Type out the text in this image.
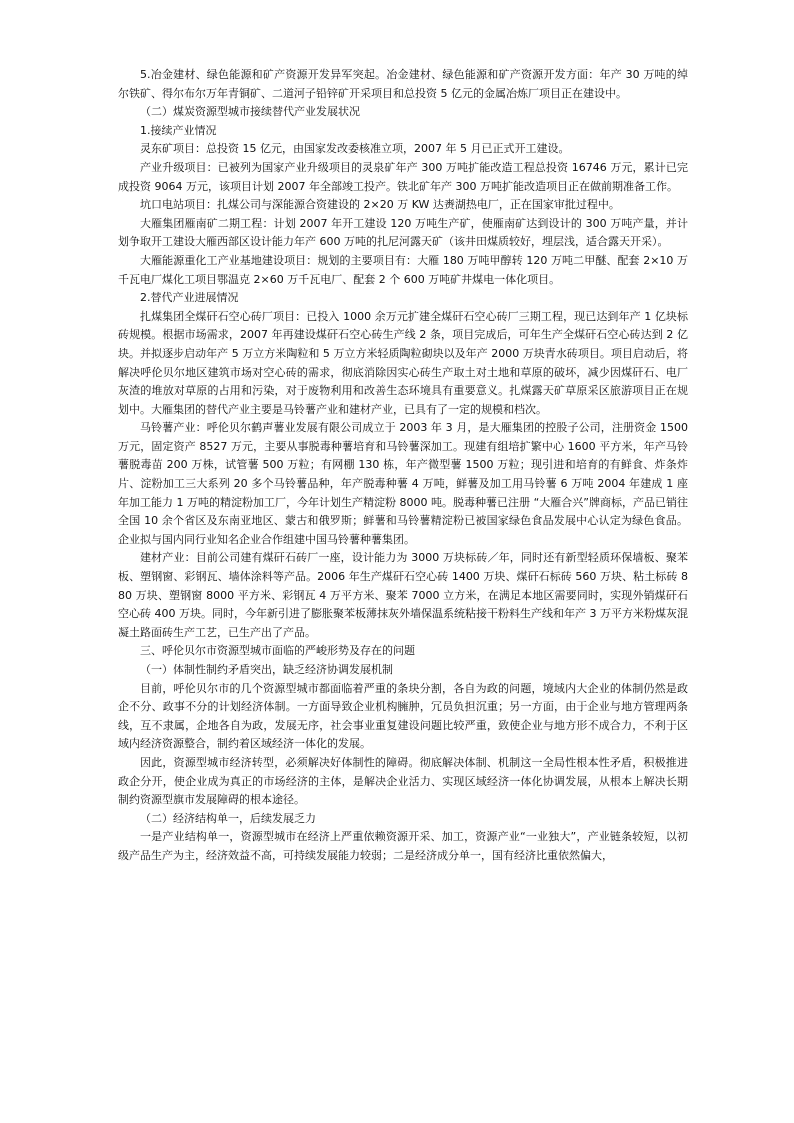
5.冶金建材、绿色能源和矿产资源开发异军突起。冶金建材、绿色能源和矿产资源开发方面：年产 30 万吨的绰尔铁矿、得尔布尔万年青铜矿、二道河子铅锌矿开采项目和总投资 5 亿元的金属冶炼厂项目正在建设中。

（二）煤炭资源型城市接续替代产业发展状况

1.接续产业情况

灵东矿项目：总投资 15 亿元，由国家发改委核准立项，2007 年 5 月已正式开工建设。

产业升级项目：已被列为国家产业升级项目的灵泉矿年产 300 万吨扩能改造工程总投资 16746 万元，累计已完成投资 9064 万元，该项目计划 2007 年全部竣工投产。铁北矿年产 300 万吨扩能改造项目正在做前期准备工作。

坑口电站项目：扎煤公司与深能源合资建设的 2×20 万 KW 达赉湖热电厂，正在国家审批过程中。

大雁集团雁南矿二期工程：计划 2007 年开工建设 120 万吨生产矿，使雁南矿达到设计的 300 万吨产量，并计划争取开工建设大雁西部区设计能力年产 600 万吨的扎尼河露天矿（该井田煤质较好，埋层浅，适合露天开采）。

大雁能源重化工产业基地建设项目：规划的主要项目有：大雁 180 万吨甲醇转 120 万吨二甲醚、配套 2×10 万千瓦电厂煤化工项目鄂温克 2×60 万千瓦电厂、配套 2 个 600 万吨矿井煤电一体化项目。

2.替代产业进展情况

扎煤集团全煤矸石空心砖厂项目：已投入 1000 余万元扩建全煤矸石空心砖厂三期工程，现已达到年产 1 亿块标砖规模。根据市场需求，2007 年再建设煤矸石空心砖生产线 2 条，项目完成后，可年生产全煤矸石空心砖达到 2 亿块。并拟逐步启动年产 5 万立方米陶粒和 5 万立方米轻质陶粒砌块以及年产 2000 万块青水砖项目。项目启动后，将解决呼伦贝尔地区建筑市场对空心砖的需求，彻底消除因实心砖生产取土对土地和草原的破坏，减少因煤矸石、电厂灰渣的堆放对草原的占用和污染，对于废物利用和改善生态环境具有重要意义。扎煤露天矿草原采区旅游项目正在规划中。大雁集团的替代产业主要是马铃薯产业和建材产业，已具有了一定的规模和档次。

马铃薯产业：呼伦贝尔鹤声薯业发展有限公司成立于 2003 年 3 月，是大雁集团的控股子公司，注册资金 1500 万元，固定资产 8527 万元，主要从事脱毒种薯培育和马铃薯深加工。现建有组培扩繁中心 1600 平方米，年产马铃薯脱毒苗 200 万株，试管薯 500 万粒；有网棚 130 栋，年产微型薯 1500 万粒；现引进和培育的有鲜食、炸条炸片、淀粉加工三大系列 20 多个马铃薯品种，年产脱毒种薯 4 万吨，鲜薯及加工用马铃薯 6 万吨 2004 年建成 1 座年加工能力 1 万吨的精淀粉加工厂，今年计划生产精淀粉 8000 吨。脱毒种薯已注册 “大雁合兴”牌商标，产品已销往全国 10 余个省区及东南亚地区、蒙古和俄罗斯；鲜薯和马铃薯精淀粉已被国家绿色食品发展中心认定为绿色食品。企业拟与国内同行业知名企业合作组建中国马铃薯种薯集团。

建材产业：目前公司建有煤矸石砖厂一座，设计能力为 3000 万块标砖／年，同时还有新型轻质环保墙板、聚苯板、塑钢窗、彩钢瓦、墙体涂料等产品。2006 年生产煤矸石空心砖 1400 万块、煤矸石标砖 560 万块、粘土标砖 880 万块、塑钢窗 8000 平方米、彩钢瓦 4 万平方米、聚苯 7000 立方米，在满足本地区需要同时，实现外销煤矸石空心砖 400 万块。同时，今年新引进了膨胀聚苯板薄抹灰外墙保温系统粘接干粉料生产线和年产 3 万平方米粉煤灰混凝土路面砖生产工艺，已生产出了产品。

三、呼伦贝尔市资源型城市面临的严峻形势及存在的问题

（一）体制性制约矛盾突出，缺乏经济协调发展机制

目前，呼伦贝尔市的几个资源型城市都面临着严重的条块分割，各自为政的问题，境域内大企业的体制仍然是政企不分、政事不分的计划经济体制。一方面导致企业机构臃肿，冗员负担沉重；另一方面，由于企业与地方管理两条线，互不隶属，企地各自为政，发展无序，社会事业重复建设问题比较严重，致使企业与地方形不成合力，不利于区域内经济资源整合，制约着区域经济一体化的发展。

因此，资源型城市经济转型，必须解决好体制性的障碍。彻底解决体制、机制这一全局性根本性矛盾，积极推进政企分开，使企业成为真正的市场经济的主体，是解决企业活力、实现区域经济一体化协调发展，从根本上解决长期制约资源型旗市发展障碍的根本途径。

（二）经济结构单一，后续发展乏力

一是产业结构单一，资源型城市在经济上严重依赖资源开采、加工，资源产业“一业独大”，产业链条较短，以初级产品生产为主，经济效益不高，可持续发展能力较弱；二是经济成分单一，国有经济比重依然偏大，
